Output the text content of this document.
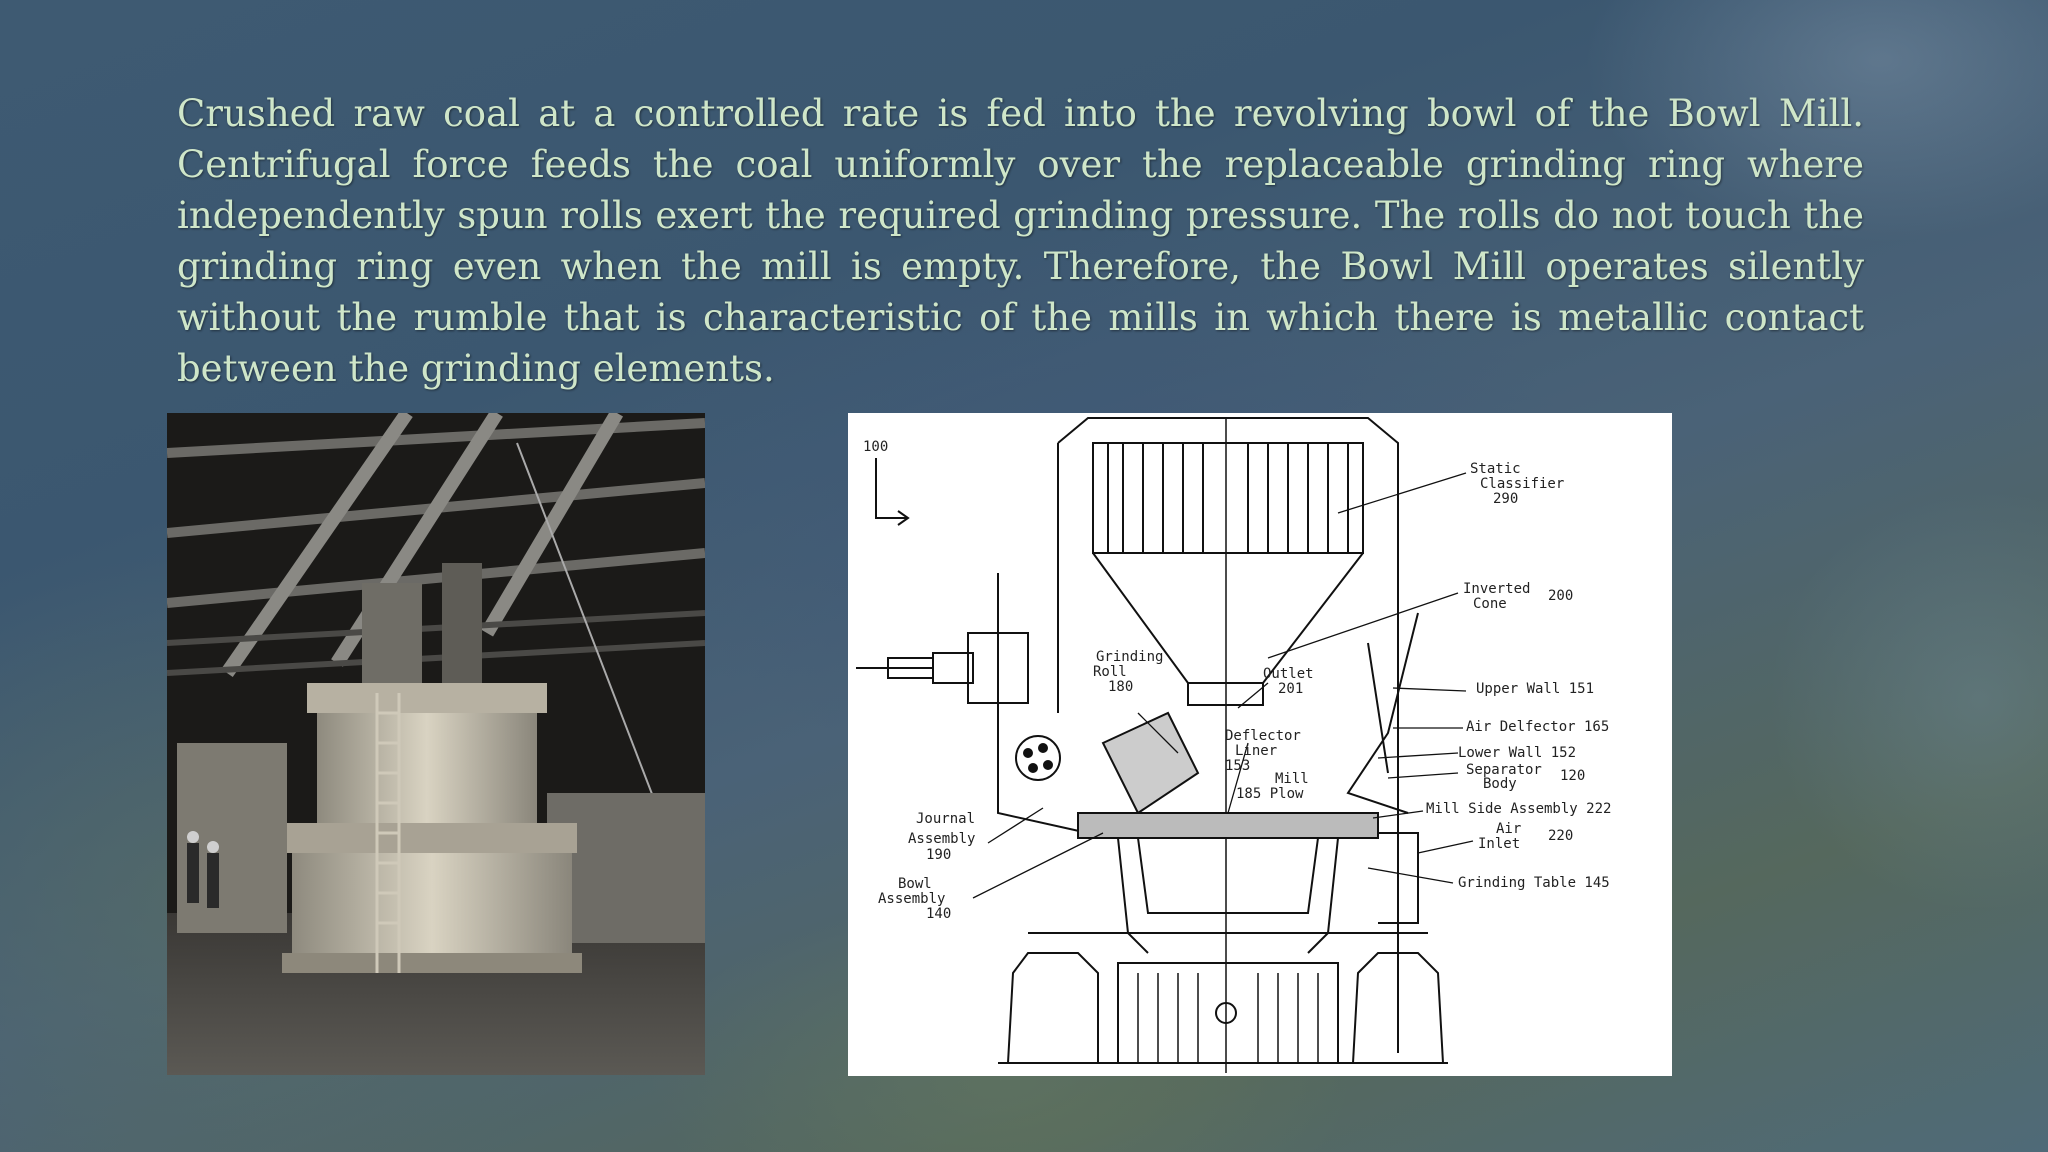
Crushed raw coal at a controlled rate is fed into the revolving bowl of the Bowl Mill. Centrifugal force feeds the coal uniformly over the replaceable grinding ring where independently spun rolls exert the required grinding pressure. The rolls do not touch the grinding ring even when the mill is empty. Therefore, the Bowl Mill operates silently without the rumble that is characteristic of the mills in which there is metallic contact between the grinding elements.

100
Static
Classifier
290
Inverted
Cone	200
Grinding
Roll
180
Outlet
201	Upper Wall 151
Air Delfector 165
Deflector
Liner
153
Lower Wall 152
Separator
Body	120
Mill
185 Plow
Mill Side Assembly 222
Journal
Assembly
190
Air
Inlet 220
Bowl
Assembly
140
Grinding Table 145
